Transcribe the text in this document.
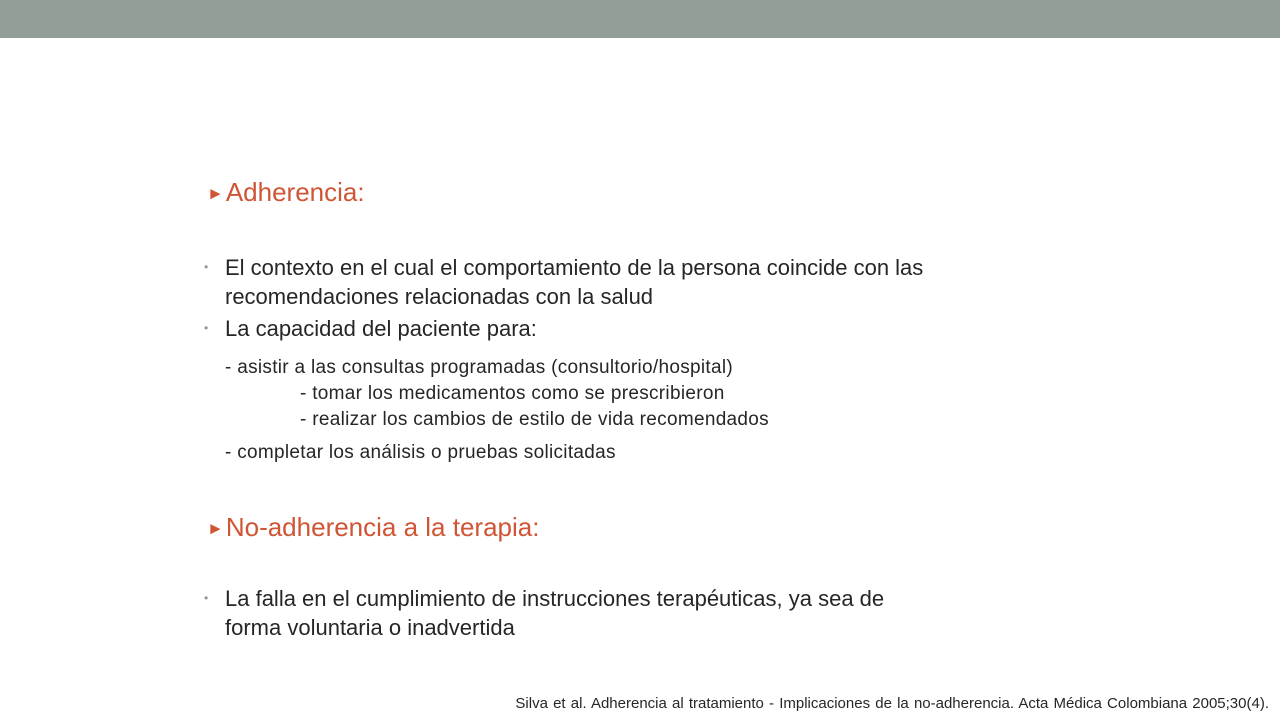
►Adherencia:
• El contexto en el cual el comportamiento de la persona coincide con las
recomendaciones relacionadas con la salud
• La capacidad del paciente para:
- asistir a las consultas programadas (consultorio/hospital)
- tomar los medicamentos como se prescribieron
- realizar los cambios de estilo de vida recomendados
- completar los análisis o pruebas solicitadas
►No-adherencia a la terapia:
• La falla en el cumplimiento de instrucciones terapéuticas, ya sea de
forma voluntaria o inadvertida
Silva et al. Adherencia al tratamiento - Implicaciones de la no-adherencia. Acta Médica Colombiana 2005;30(4).
